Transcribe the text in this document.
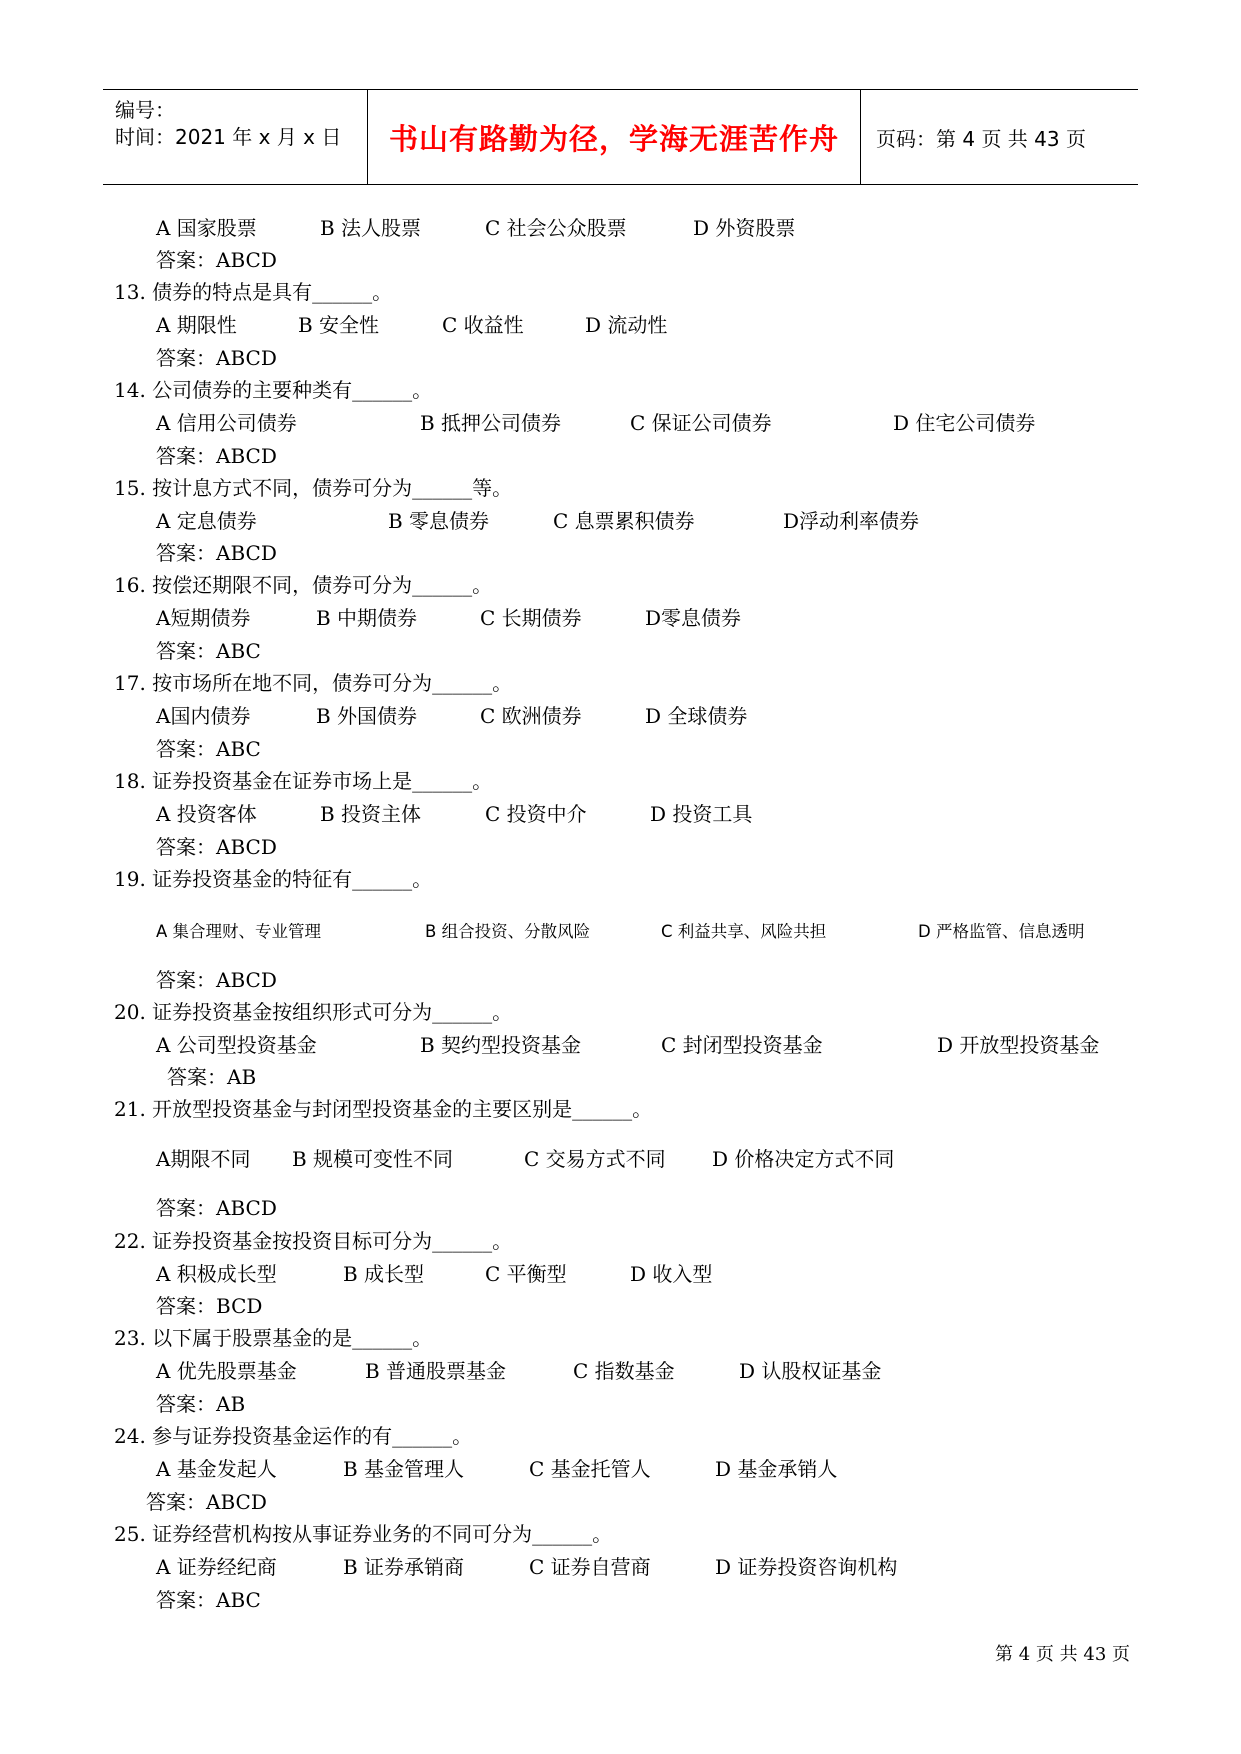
编号：
时间：2021 年 x 月 x 日	书山有路勤为径，学海无涯苦作舟	页码：第 4 页 共 43 页
A 国家股票	B 法人股票	C 社会公众股票	D 外资股票
答案：ABCD
13. 债券的特点是具有______。
A 期限性	B 安全性	C 收益性	D 流动性
答案：ABCD
14. 公司债券的主要种类有______。
A 信用公司债券	B 抵押公司债券	C 保证公司债券	D 住宅公司债券
答案：ABCD
15. 按计息方式不同，债券可分为______等。
A 定息债券	B 零息债券	C 息票累积债券	D浮动利率债券
答案：ABCD
16. 按偿还期限不同，债券可分为______。
A短期债券	B 中期债券	C 长期债券	D零息债券
答案：ABC
17. 按市场所在地不同，债券可分为______。
A国内债券	B 外国债券	C 欧洲债券	D 全球债券
答案：ABC
18. 证券投资基金在证券市场上是______。
A 投资客体	B 投资主体	C 投资中介	D 投资工具
答案：ABCD
19. 证券投资基金的特征有______。
A 集合理财、专业管理	B 组合投资、分散风险	C 利益共享、风险共担	D 严格监管、信息透明
答案：ABCD
20. 证券投资基金按组织形式可分为______。
A 公司型投资基金	B 契约型投资基金	C 封闭型投资基金	D 开放型投资基金
答案：AB
21. 开放型投资基金与封闭型投资基金的主要区别是______。
A期限不同 B 规模可变性不同	C 交易方式不同 D 价格决定方式不同
答案：ABCD
22. 证券投资基金按投资目标可分为______。
A 积极成长型	B 成长型	C 平衡型	D 收入型
答案：BCD
23. 以下属于股票基金的是______。
A 优先股票基金	B 普通股票基金	C 指数基金	D 认股权证基金
答案：AB
24. 参与证券投资基金运作的有______。
A 基金发起人	B 基金管理人	C 基金托管人	D 基金承销人
答案：ABCD
25. 证券经营机构按从事证券业务的不同可分为______。
A 证券经纪商	B 证券承销商	C 证券自营商	D 证券投资咨询机构
答案：ABC
第 4 页 共 43 页
